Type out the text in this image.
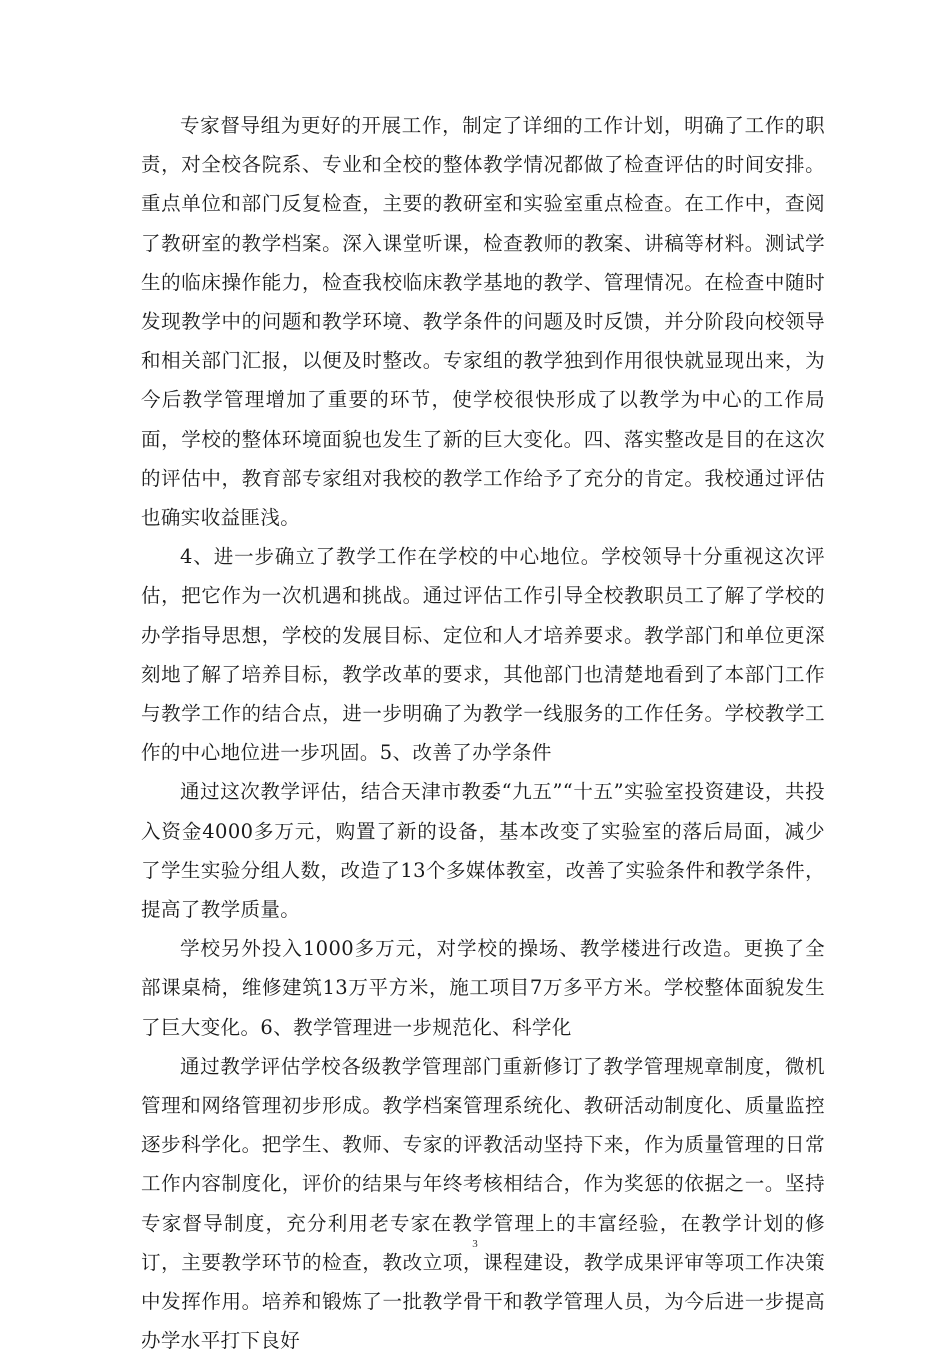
专家督导组为更好的开展工作，制定了详细的工作计划，明确了工作的职责，对全校各院系、专业和全校的整体教学情况都做了检查评估的时间安排。重点单位和部门反复检查，主要的教研室和实验室重点检查。在工作中，查阅了教研室的教学档案。深入课堂听课，检查教师的教案、讲稿等材料。测试学生的临床操作能力，检查我校临床教学基地的教学、管理情况。在检查中随时发现教学中的问题和教学环境、教学条件的问题及时反馈，并分阶段向校领导和相关部门汇报，以便及时整改。专家组的教学独到作用很快就显现出来，为今后教学管理增加了重要的环节，使学校很快形成了以教学为中心的工作局面，学校的整体环境面貌也发生了新的巨大变化。四、落实整改是目的在这次的评估中，教育部专家组对我校的教学工作给予了充分的肯定。我校通过评估也确实收益匪浅。

4、进一步确立了教学工作在学校的中心地位。学校领导十分重视这次评估，把它作为一次机遇和挑战。通过评估工作引导全校教职员工了解了学校的办学指导思想，学校的发展目标、定位和人才培养要求。教学部门和单位更深刻地了解了培养目标，教学改革的要求，其他部门也清楚地看到了本部门工作与教学工作的结合点，进一步明确了为教学一线服务的工作任务。学校教学工作的中心地位进一步巩固。5、改善了办学条件

通过这次教学评估，结合天津市教委“九五”“十五”实验室投资建设，共投入资金4000多万元，购置了新的设备，基本改变了实验室的落后局面，减少了学生实验分组人数，改造了13个多媒体教室，改善了实验条件和教学条件，提高了教学质量。

学校另外投入1000多万元，对学校的操场、教学楼进行改造。更换了全部课桌椅，维修建筑13万平方米，施工项目7万多平方米。学校整体面貌发生了巨大变化。6、教学管理进一步规范化、科学化

通过教学评估学校各级教学管理部门重新修订了教学管理规章制度，微机管理和网络管理初步形成。教学档案管理系统化、教研活动制度化、质量监控逐步科学化。把学生、教师、专家的评教活动坚持下来，作为质量管理的日常工作内容制度化，评价的结果与年终考核相结合，作为奖惩的依据之一。坚持专家督导制度，充分利用老专家在教学管理上的丰富经验，在教学计划的修订，主要教学环节的检查，教改立项，课程建设，教学成果评审等项工作决策中发挥作用。培养和锻炼了一批教学骨干和教学管理人员，为今后进一步提高办学水平打下良好

3
